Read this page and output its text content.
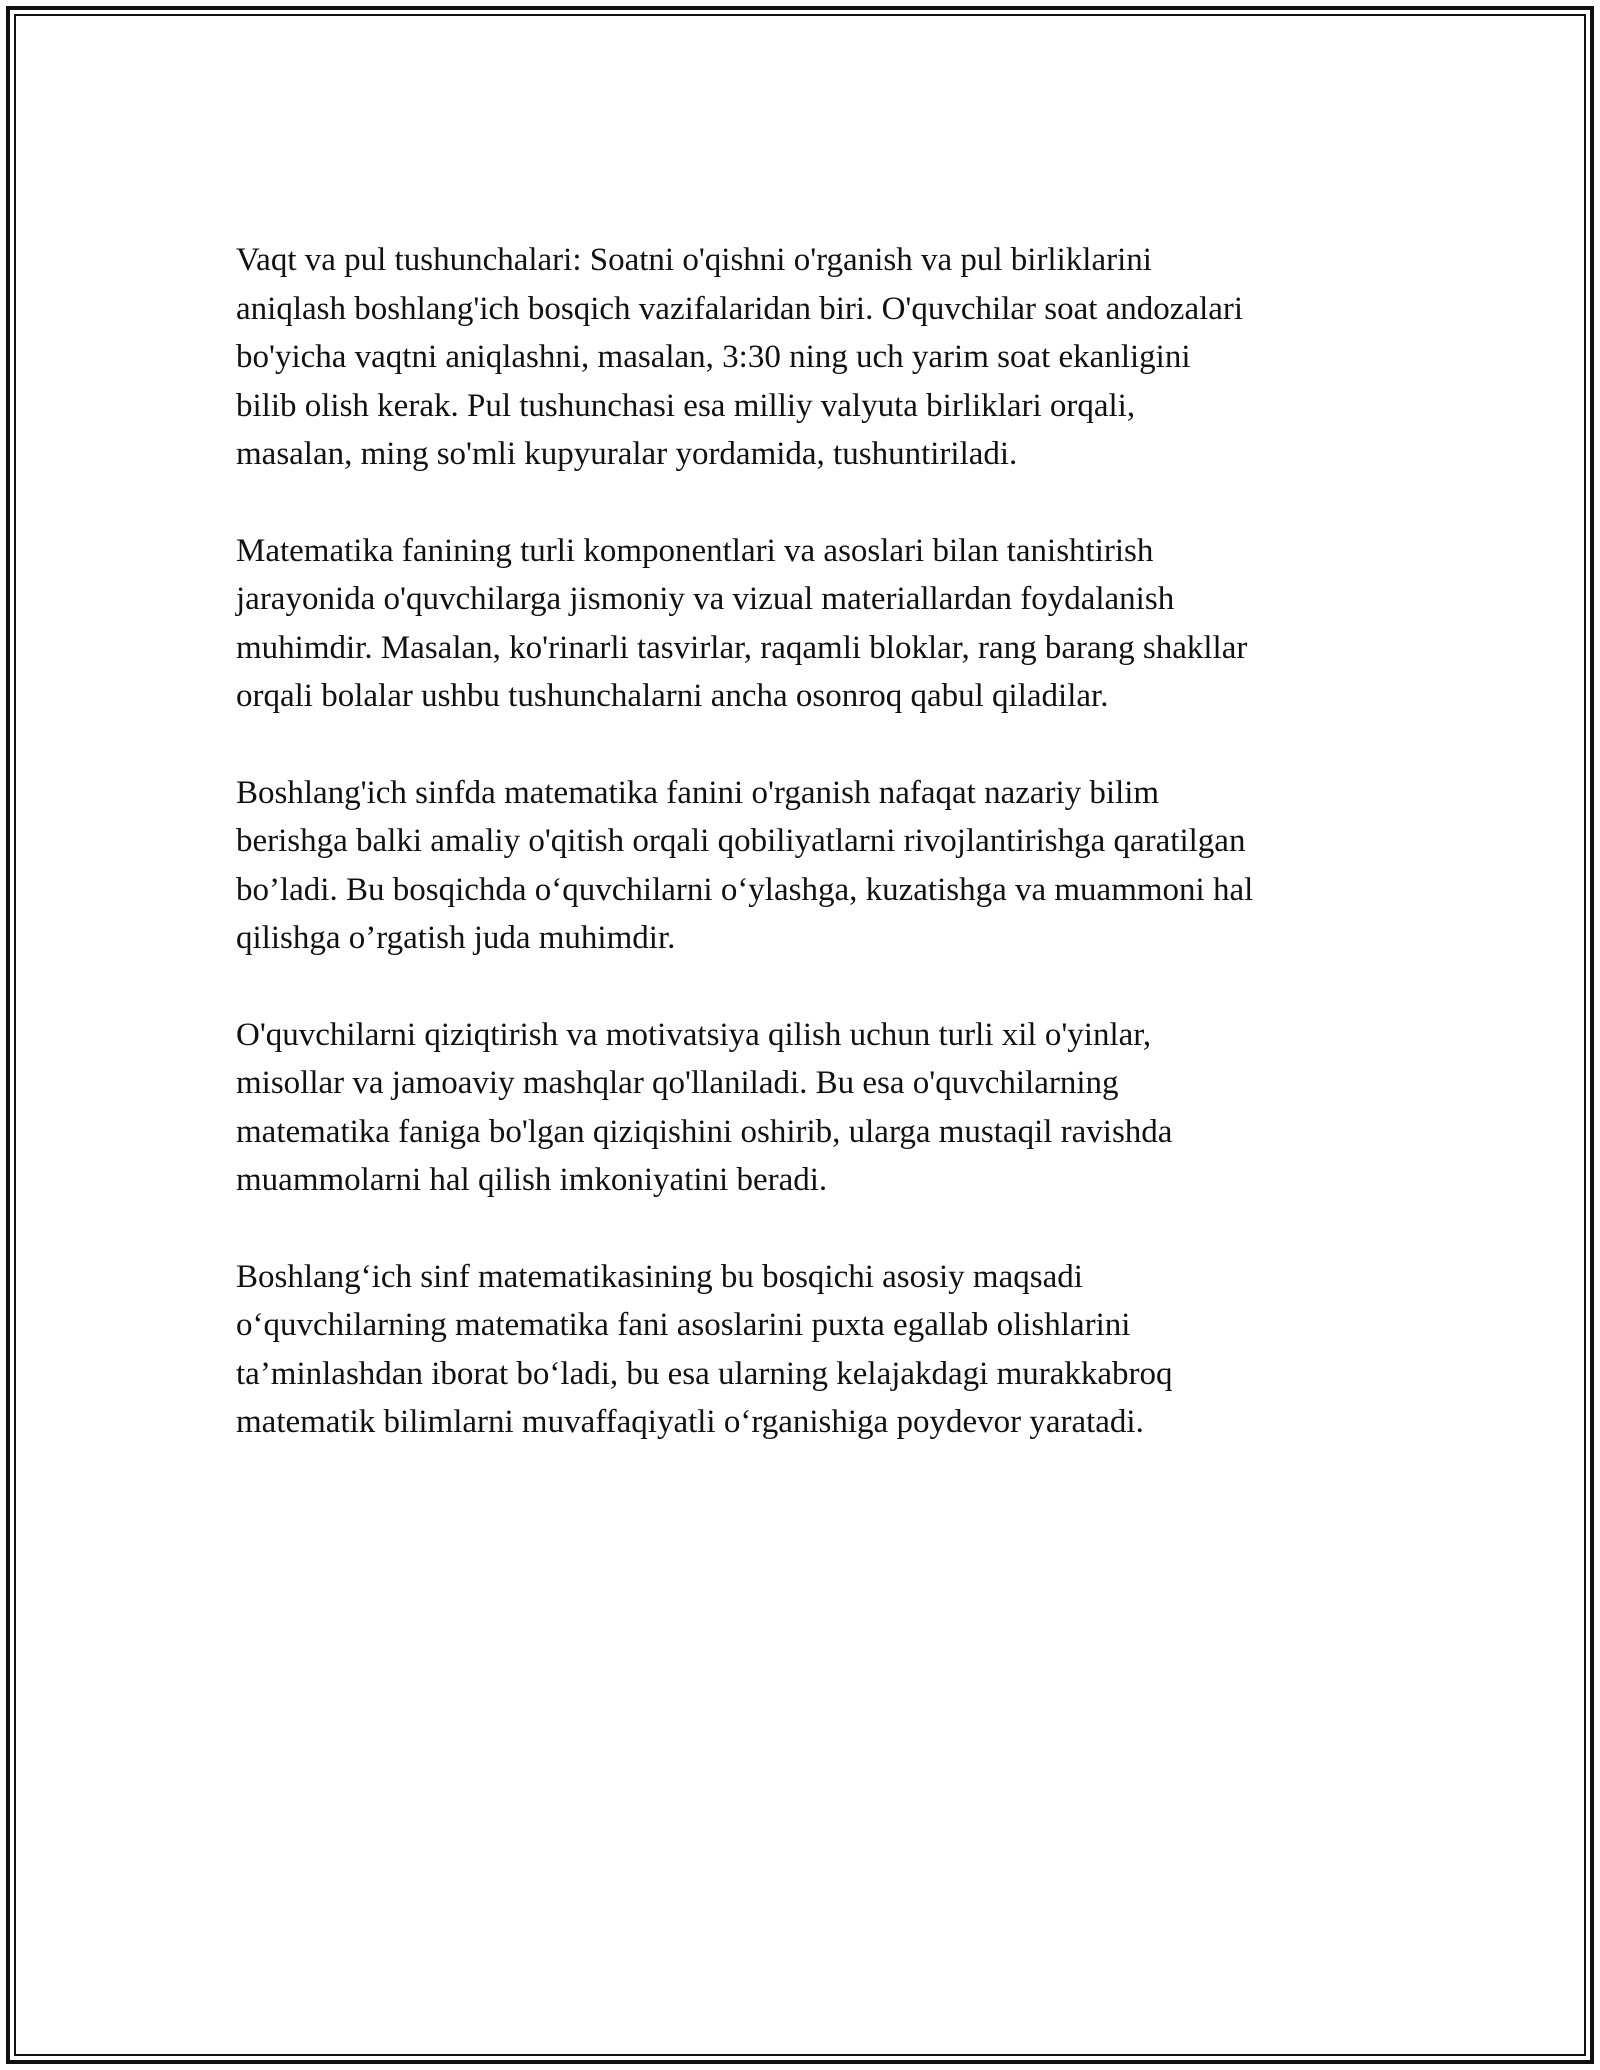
Vaqt va pul tushunchalari: Soatni o'qishni o'rganish va pul birliklarini
aniqlash boshlang'ich bosqich vazifalaridan biri. O'quvchilar soat andozalari
bo'yicha vaqtni aniqlashni, masalan, 3:30 ning uch yarim soat ekanligini
bilib olish kerak. Pul tushunchasi esa milliy valyuta birliklari orqali,
masalan, ming so'mli kupyuralar yordamida, tushuntiriladi.

Matematika fanining turli komponentlari va asoslari bilan tanishtirish
jarayonida o'quvchilarga jismoniy va vizual materiallardan foydalanish
muhimdir. Masalan, ko'rinarli tasvirlar, raqamli bloklar, rang barang shakllar
orqali bolalar ushbu tushunchalarni ancha osonroq qabul qiladilar.

Boshlang'ich sinfda matematika fanini o'rganish nafaqat nazariy bilim
berishga balki amaliy o'qitish orqali qobiliyatlarni rivojlantirishga qaratilgan
bo’ladi. Bu bosqichda o‘quvchilarni o‘ylashga, kuzatishga va muammoni hal
qilishga o’rgatish juda muhimdir.

O'quvchilarni qiziqtirish va motivatsiya qilish uchun turli xil o'yinlar,
misollar va jamoaviy mashqlar qo'llaniladi. Bu esa o'quvchilarning
matematika faniga bo'lgan qiziqishini oshirib, ularga mustaqil ravishda
muammolarni hal qilish imkoniyatini beradi.

Boshlang‘ich sinf matematikasining bu bosqichi asosiy maqsadi
o‘quvchilarning matematika fani asoslarini puxta egallab olishlarini
ta’minlashdan iborat bo‘ladi, bu esa ularning kelajakdagi murakkabroq
matematik bilimlarni muvaffaqiyatli o‘rganishiga poydevor yaratadi.
